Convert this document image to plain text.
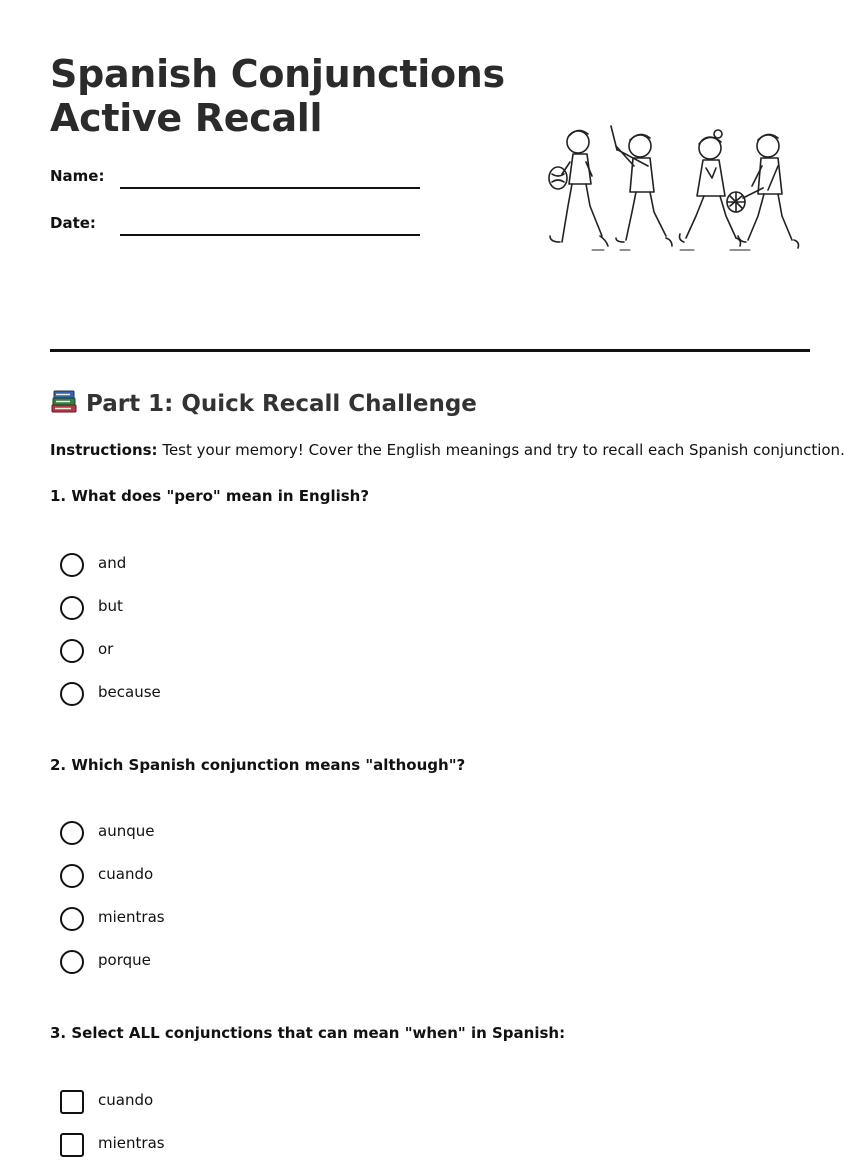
Spanish Conjunctions
Active Recall
Name:
Date:
Part 1: Quick Recall Challenge
Instructions: Test your memory! Cover the English meanings and try to recall each Spanish conjunction.
1. What does "pero" mean in English?
and
but
or
because
2. Which Spanish conjunction means "although"?
aunque
cuando
mientras
porque
3. Select ALL conjunctions that can mean "when" in Spanish:
cuando
mientras
